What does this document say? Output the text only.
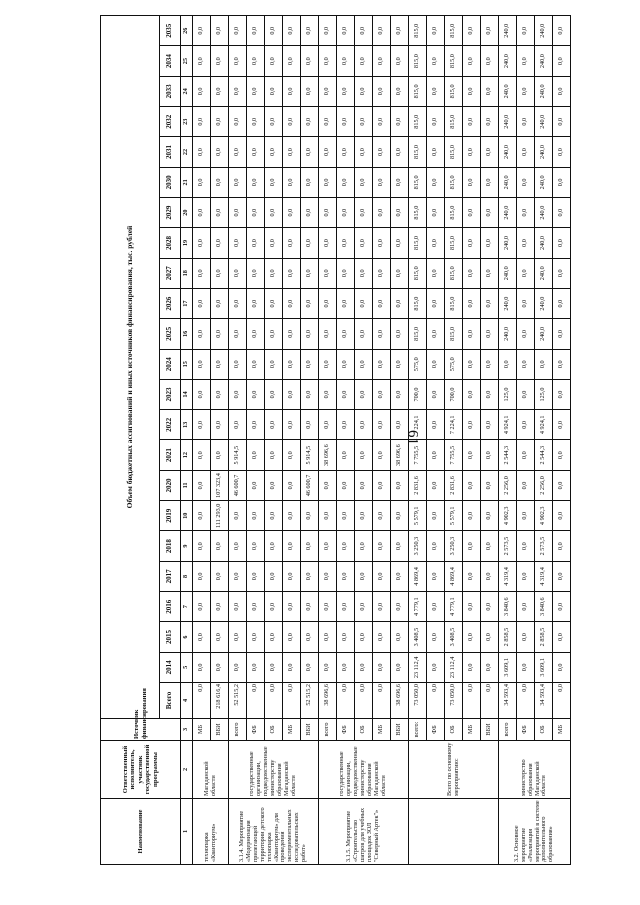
61
Наименование	Ответственный исполнитель, участник государственной программы	Источник финансирования	Объем бюджетных ассигнований и иных источников финансирования, тыс. рублей																						
			Всего	2014	2015	2016	2017	2018	2019	2020	2021	2022	2023	2024	2025	2026	2027	2028	2029	2030	2031	2032	2033	2034	2035
1	2	3	4	5	6	7	8	9	10	11	12	13	14	15	16	17	18	19	20	21	22	23	24	25	26
технопарка «Кванториум»	Магаданской области	МБ	0,0	0,0	0,0	0,0	0,0	0,0	0,0	0,0	0,0	0,0	0,0	0,0	0,0	0,0	0,0	0,0	0,0	0,0	0,0	0,0	0,0	0,0	0,0
		ВБИ	218 616,4	0,0	0,0	0,0	0,0	0,0	111 293,0	107 323,4	0,0	0,0	0,0	0,0	0,0	0,0	0,0	0,0	0,0	0,0	0,0	0,0	0,0	0,0	0,0
3.1.4. Мероприятие «Модернизация прилегающей территории детского технопарка «Кванториум» для проведения экспериментальных исследовательских работ»	государственные организации, подведомственные министерству образования Магаданской области	всего	52 515,2	0,0	0,0	0,0	0,0	0,0	0,0	46 600,7	5 914,5	0,0	0,0	0,0	0,0	0,0	0,0	0,0	0,0	0,0	0,0	0,0	0,0	0,0	0,0
		ФБ	0,0	0,0	0,0	0,0	0,0	0,0	0,0	0,0	0,0	0,0	0,0	0,0	0,0	0,0	0,0	0,0	0,0	0,0	0,0	0,0	0,0	0,0	0,0
		ОБ	0,0	0,0	0,0	0,0	0,0	0,0	0,0	0,0	0,0	0,0	0,0	0,0	0,0	0,0	0,0	0,0	0,0	0,0	0,0	0,0	0,0	0,0	0,0
		МБ	0,0	0,0	0,0	0,0	0,0	0,0	0,0	0,0	0,0	0,0	0,0	0,0	0,0	0,0	0,0	0,0	0,0	0,0	0,0	0,0	0,0	0,0	0,0
		ВБИ	52 515,2	0,0	0,0	0,0	0,0	0,0	0,0	46 600,7	5 914,5	0,0	0,0	0,0	0,0	0,0	0,0	0,0	0,0	0,0	0,0	0,0	0,0	0,0	0,0
3.1.5. Мероприятие «Строительство шатров для учебных площадок ЗОЛ "Северный Артек"»	государственные организации, подведомственные министерству образования Магаданской области	всего	38 696,6	0,0	0,0	0,0	0,0	0,0	0,0	0,0	38 696,6	0,0	0,0	0,0	0,0	0,0	0,0	0,0	0,0	0,0	0,0	0,0	0,0	0,0	0,0
		ФБ	0,0	0,0	0,0	0,0	0,0	0,0	0,0	0,0	0,0	0,0	0,0	0,0	0,0	0,0	0,0	0,0	0,0	0,0	0,0	0,0	0,0	0,0	0,0
		ОБ	0,0	0,0	0,0	0,0	0,0	0,0	0,0	0,0	0,0	0,0	0,0	0,0	0,0	0,0	0,0	0,0	0,0	0,0	0,0	0,0	0,0	0,0	0,0
		МБ	0,0	0,0	0,0	0,0	0,0	0,0	0,0	0,0	0,0	0,0	0,0	0,0	0,0	0,0	0,0	0,0	0,0	0,0	0,0	0,0	0,0	0,0	0,0
		ВБИ	38 696,6	0,0	0,0	0,0	0,0	0,0	0,0	0,0	38 696,6	0,0	0,0	0,0	0,0	0,0	0,0	0,0	0,0	0,0	0,0	0,0	0,0	0,0	0,0
	Всего по основному мероприятию:	всего:	73 050,0	23 112,4	3 408,5	4 779,1	4 869,4	3 250,3	5 579,1	2 831,6	7 755,5	7 224,1	700,0	575,0	815,0	815,0	815,0	815,0	815,0	815,0	815,0	815,0	815,0	815,0	815,0
		ФБ	0,0	0,0	0,0	0,0	0,0	0,0	0,0	0,0	0,0	0,0	0,0	0,0	0,0	0,0	0,0	0,0	0,0	0,0	0,0	0,0	0,0	0,0	0,0
		ОБ	73 050,0	23 112,4	3 408,5	4 779,1	4 869,4	3 250,3	5 579,1	2 831,6	7 755,5	7 224,1	700,0	575,0	815,0	815,0	815,0	815,0	815,0	815,0	815,0	815,0	815,0	815,0	815,0
		МБ	0,0	0,0	0,0	0,0	0,0	0,0	0,0	0,0	0,0	0,0	0,0	0,0	0,0	0,0	0,0	0,0	0,0	0,0	0,0	0,0	0,0	0,0	0,0
		ВБИ	0,0	0,0	0,0	0,0	0,0	0,0	0,0	0,0	0,0	0,0	0,0	0,0	0,0	0,0	0,0	0,0	0,0	0,0	0,0	0,0	0,0	0,0	0,0
3.2. Основное мероприятие «Реализация мероприятий в системе дополнительного образования»	министерство образования Магаданской области	всего	34 593,4	3 609,1	2 858,5	3 840,6	4 319,4	2 573,5	4 902,3	2 256,0	2 544,3	4 924,1	125,0	0,0	240,0	240,0	240,0	240,0	240,0	240,0	240,0	240,0	240,0	240,0	240,0
		ФБ	0,0	0,0	0,0	0,0	0,0	0,0	0,0	0,0	0,0	0,0	0,0	0,0	0,0	0,0	0,0	0,0	0,0	0,0	0,0	0,0	0,0	0,0	0,0
		ОБ	34 593,4	3 609,1	2 858,5	3 840,6	4 319,4	2 573,5	4 902,3	2 256,0	2 544,3	4 924,1	125,0	0,0	240,0	240,0	240,0	240,0	240,0	240,0	240,0	240,0	240,0	240,0	240,0
		МБ	0,0	0,0	0,0	0,0	0,0	0,0	0,0	0,0	0,0	0,0	0,0	0,0	0,0	0,0	0,0	0,0	0,0	0,0	0,0	0,0	0,0	0,0	0,0
